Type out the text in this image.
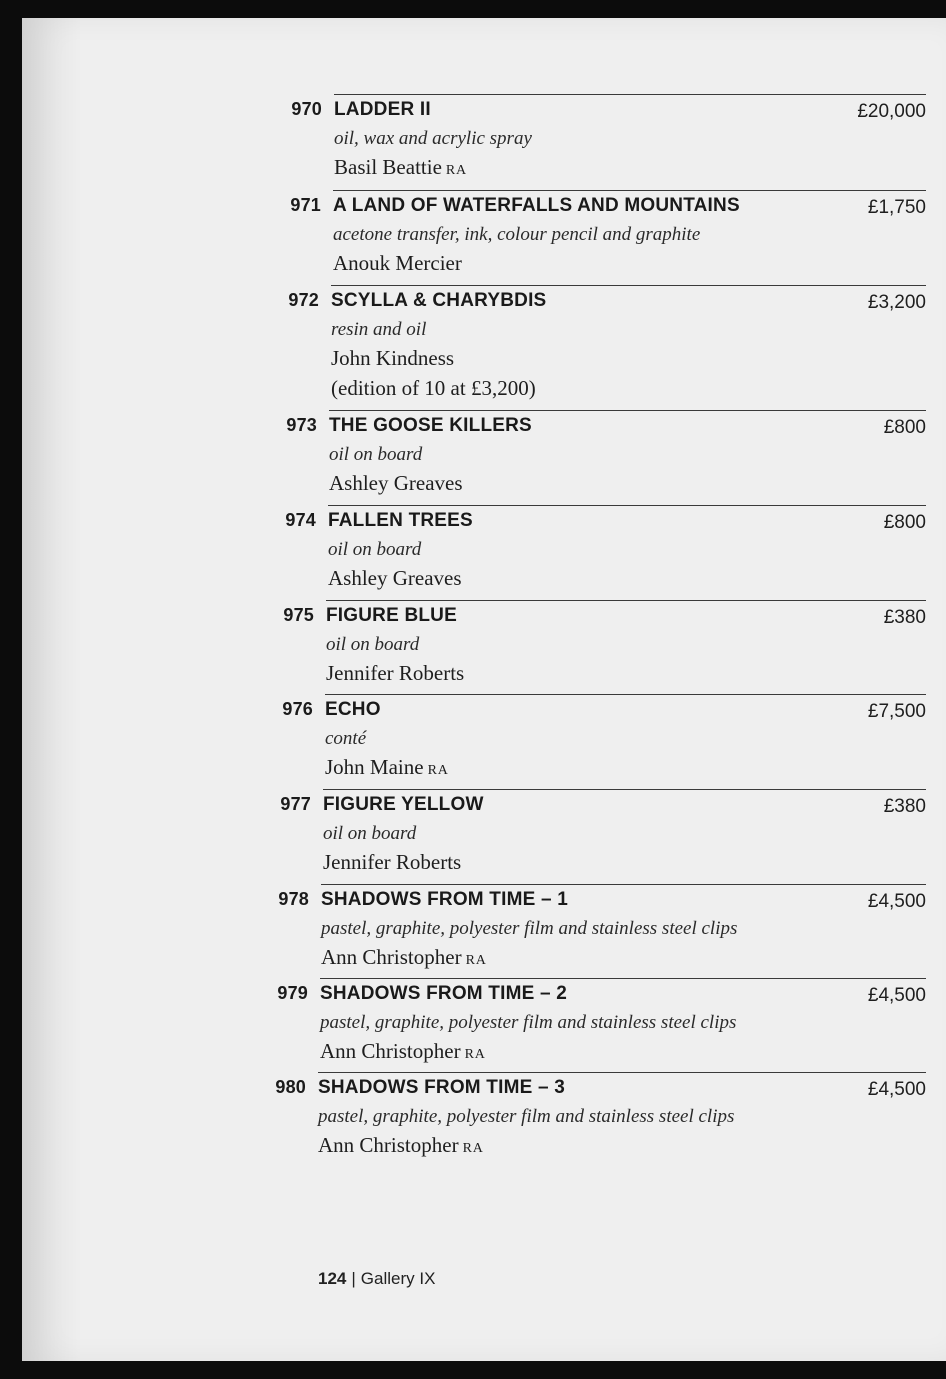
970 LADDER II
oil, wax and acrylic spray
Basil Beattie RA
£20,000
971 A LAND OF WATERFALLS AND MOUNTAINS
acetone transfer, ink, colour pencil and graphite
Anouk Mercier
£1,750
972 SCYLLA & CHARYBDIS
resin and oil
John Kindness
(edition of 10 at £3,200)
£3,200
973 THE GOOSE KILLERS
oil on board
Ashley Greaves
£800
974 FALLEN TREES
oil on board
Ashley Greaves
£800
975 FIGURE BLUE
oil on board
Jennifer Roberts
£380
976 ECHO
conté
John Maine RA
£7,500
977 FIGURE YELLOW
oil on board
Jennifer Roberts
£380
978 SHADOWS FROM TIME – 1
pastel, graphite, polyester film and stainless steel clips
Ann Christopher RA
£4,500
979 SHADOWS FROM TIME – 2
pastel, graphite, polyester film and stainless steel clips
Ann Christopher RA
£4,500
980 SHADOWS FROM TIME – 3
pastel, graphite, polyester film and stainless steel clips
Ann Christopher RA
£4,500
124 | Gallery IX
